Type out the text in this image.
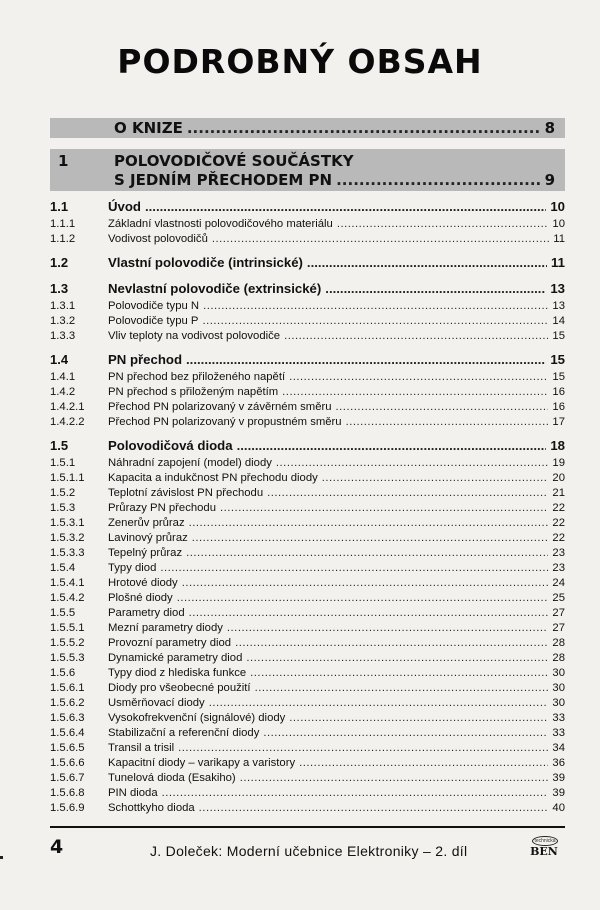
PODROBNÝ OBSAH
O KNIZE .....	8
1	POLOVODIČOVÉ SOUČÁSTKY
S JEDNÍM PŘECHODEM PN .....	9
1.1	Úvod .....	10
1.1.1	Základní vlastnosti polovodičového materiálu .....	10
1.1.2	Vodivost polovodičů .....	11
1.2	Vlastní polovodiče (intrinsické) .....	11
1.3	Nevlastní polovodiče (extrinsické) .....	13
1.3.1	Polovodiče typu N .....	13
1.3.2	Polovodiče typu P .....	14
1.3.3	Vliv teploty na vodivost polovodiče .....	15
1.4	PN přechod .....	15
1.4.1	PN přechod bez přiloženého napětí .....	15
1.4.2	PN přechod s přiloženým napětím .....	16
1.4.2.1	Přechod PN polarizovaný v závěrném směru .....	16
1.4.2.2	Přechod PN polarizovaný v propustném směru .....	17
1.5	Polovodičová dioda .....	18
1.5.1	Náhradní zapojení (model) diody .....	19
1.5.1.1	Kapacita a indukčnost PN přechodu diody .....	20
1.5.2	Teplotní závislost PN přechodu .....	21
1.5.3	Průrazy PN přechodu .....	22
1.5.3.1	Zenerův průraz .....	22
1.5.3.2	Lavinový průraz .....	22
1.5.3.3	Tepelný průraz .....	23
1.5.4	Typy diod .....	23
1.5.4.1	Hrotové diody .....	24
1.5.4.2	Plošné diody .....	25
1.5.5	Parametry diod .....	27
1.5.5.1	Mezní parametry diody .....	27
1.5.5.2	Provozní parametry diod .....	28
1.5.5.3	Dynamické parametry diod .....	28
1.5.6	Typy diod z hlediska funkce .....	30
1.5.6.1	Diody pro všeobecné použití .....	30
1.5.6.2	Usměrňovací diody .....	30
1.5.6.3	Vysokofrekvenční (signálové) diody .....	33
1.5.6.4	Stabilizační a referenční diody .....	33
1.5.6.5	Transil a trisil .....	34
1.5.6.6	Kapacitní diody – varikapy a varistory .....	36
1.5.6.7	Tunelová dioda (Esakiho) .....	39
1.5.6.8	PIN dioda .....	39
1.5.6.9	Schottkyho dioda .....	40
4	J. Doleček: Moderní učebnice Elektroniky – 2. díl
technická
BEN
